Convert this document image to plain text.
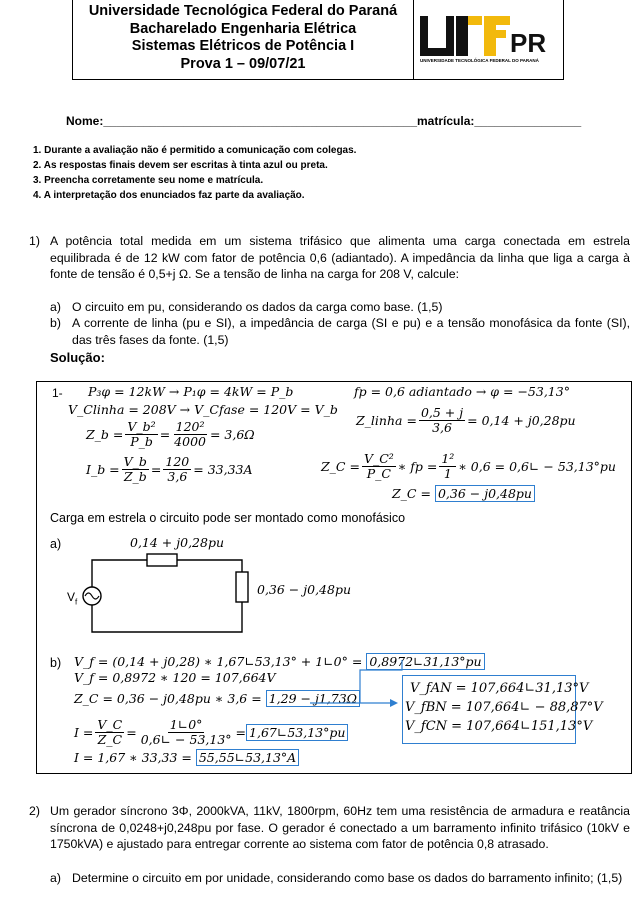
Universidade Tecnológica Federal do Paraná
Bacharelado Engenharia Elétrica
Sistemas Elétricos de Potência I
Prova 1 – 09/07/21
PR
UNIVERSIDADE TECNOLÓGICA FEDERAL DO PARANÁ
Nome:_______________________________________________matrícula:________________
1. Durante a avaliação não é permitido a comunicação com colegas.
2. As respostas finais devem ser escritas à tinta azul ou preta.
3. Preencha corretamente seu nome e matrícula.
4. A interpretação dos enunciados faz parte da avaliação.
1) A potência total medida em um sistema trifásico que alimenta uma carga conectada em estrela equilibrada é de 12 kW com fator de potência 0,6 (adiantado). A impedância da linha que liga a carga à fonte de tensão é 0,5+j Ω. Se a tensão de linha na carga for 208 V, calcule:
a) O circuito em pu, considerando os dados da carga como base. (1,5)
b) A corrente de linha (pu e SI), a impedância de carga (SI e pu) e a tensão monofásica da fonte (SI), das três fases da fonte. (1,5)
Solução:
1- P₃φ = 12kW → P₁φ = 4kW = P_b
V_Clinha = 208V → V_Cfase = 120V = V_b
Z_b = $\frac{\text{V\_b²}}{P\_b} = \frac{\text{120²}}{4000} = 3,6\Omega$
I_b = $\frac{V\_b}{Z\_b} = \frac{120}{3,6} = 33,33A$
fp = 0,6 adiantado → φ = −53,13°
Z_linha = $\frac{0,5 + j}{3,6} = 0,14 + j0,28pu$
Z_C = $\frac{\text{V\_C²}}{P\_C}$ ∗ fp = $\frac{\text{1²}}{1}$ ∗ 0,6 = 0,6∟ − 53,13°pu
Z_C = 0,36 − j0,48pu
Carga em estrela o circuito pode ser montado como monofásico
a)	0,14 + j0,28pu
0,36 − j0,48pu
$V_f$
b) V_f = (0,14 + j0,28) ∗ 1,67∟53,13° + 1∟0° = 0,8972∟31,13°pu
V_f = 0,8972 ∗ 120 = 107,664V
Z_C = 0,36 − j0,48pu ∗ 3,6 = 1,29 − j1,73Ω
$I = \frac{V\_C}{Z\_C} = \frac{1∟0^\circ}{0,6∟ - 53,13^\circ}$ = 1,67∟53,13°pu
I = 1,67 ∗ 33,33 = 55,55∟53,13°A
V_fAN = 107,664∟31,13°V
V_fBN = 107,664∟ − 88,87°V
V_fCN = 107,664∟151,13°V
2) Um gerador síncrono 3Φ, 2000kVA, 11kV, 1800rpm, 60Hz tem uma resistência de armadura e reatância síncrona de 0,0248+j0,248pu por fase. O gerador é conectado a um barramento infinito trifásico (10kV e 1750kVA) e ajustado para entregar corrente ao sistema com fator de potência 0,8 atrasado.
a) Determine o circuito em por unidade, considerando como base os dados do barramento infinito; (1,5)
